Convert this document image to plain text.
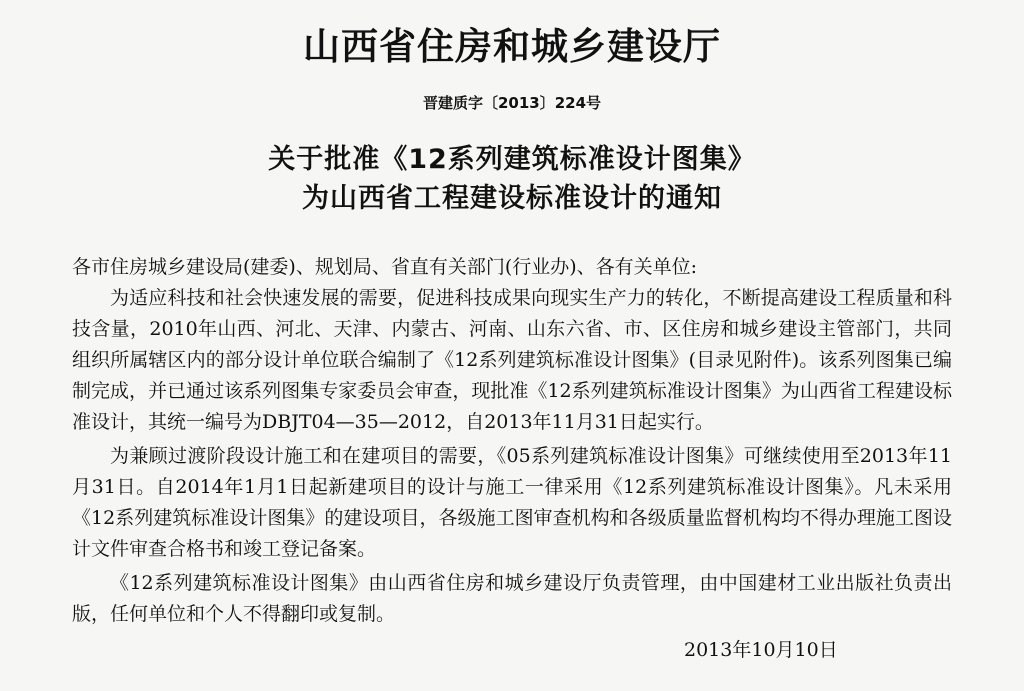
山西省住房和城乡建设厅
晋建质字〔2013〕224号
关于批准《12系列建筑标准设计图集》
为山西省工程建设标准设计的通知

各市住房城乡建设局(建委)、规划局、省直有关部门(行业办)、各有关单位:

为适应科技和社会快速发展的需要，促进科技成果向现实生产力的转化，不断提高建设工程质量和科技含量，2010年山西、河北、天津、内蒙古、河南、山东六省、市、区住房和城乡建设主管部门，共同组织所属辖区内的部分设计单位联合编制了《12系列建筑标准设计图集》(目录见附件)。该系列图集已编制完成，并已通过该系列图集专家委员会审查，现批准《12系列建筑标准设计图集》为山西省工程建设标准设计，其统一编号为DBJT04—35—2012，自2013年11月31日起实行。

为兼顾过渡阶段设计施工和在建项目的需要，《05系列建筑标准设计图集》可继续使用至2013年11月31日。自2014年1月1日起新建项目的设计与施工一律采用《12系列建筑标准设计图集》。凡未采用《12系列建筑标准设计图集》的建设项目，各级施工图审查机构和各级质量监督机构均不得办理施工图设计文件审查合格书和竣工登记备案。

《12系列建筑标准设计图集》由山西省住房和城乡建设厅负责管理，由中国建材工业出版社负责出版，任何单位和个人不得翻印或复制。

2013年10月10日
